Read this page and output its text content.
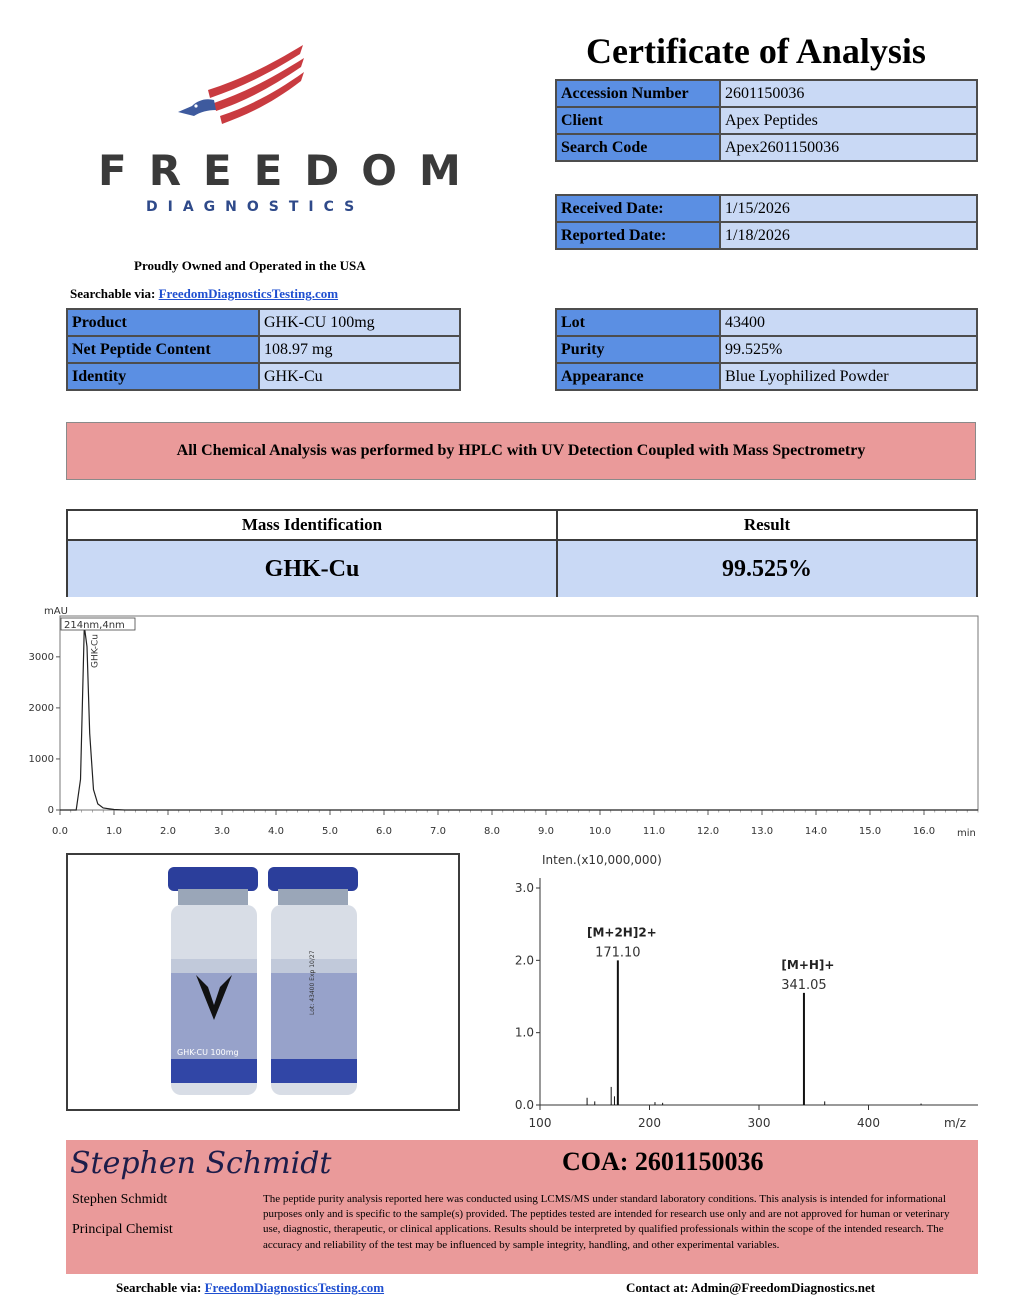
FREEDOM
DIAGNOSTICS
Proudly Owned and Operated in the USA
Searchable via: FreedomDiagnosticsTesting.com
Certificate of Analysis
Accession Number	2601150036
Client	Apex Peptides
Search Code	Apex2601150036
Received Date:	1/15/2026
Reported Date:	1/18/2026
Product	GHK-CU 100mg
Net Peptide Content	108.97 mg
Identity	GHK-Cu
Lot	43400
Purity	99.525%
Appearance	Blue Lyophilized Powder
All Chemical Analysis was performed by HPLC with UV Detection Coupled with Mass Spectrometry
Mass Identification	Result
GHK-Cu	99.525%
mAU
min
0.0	1.0	2.0	3.0	4.0	5.0	6.0	7.0	8.0	9.0	10.0	11.0	12.0	13.0	14.0	15.0	16.0
0
1000
2000
3000
214nm,4nm
GHK-Cu
GHK-CU 100mg
Lot: 43400 Exp 10/27
Inten.(x10,000,000)
0.0
1.0
2.0
3.0
100	200	300	400	m/z
171.10
[M+2H]2+
341.05
[M+H]+
Stephen Schmidt
Stephen Schmidt
Principal Chemist
COA: 2601150036
The peptide purity analysis reported here was conducted using LCMS/MS under standard laboratory conditions. This analysis is intended for informational purposes only and is specific to the sample(s) provided. The peptides tested are intended for research use only and are not approved for human or veterinary use, diagnostic, therapeutic, or clinical applications. Results should be interpreted by qualified professionals within the scope of the intended research. The accuracy and reliability of the test may be influenced by sample integrity, handling, and other experimental variables.
Searchable via: FreedomDiagnosticsTesting.com	Contact at: Admin@FreedomDiagnostics.net
